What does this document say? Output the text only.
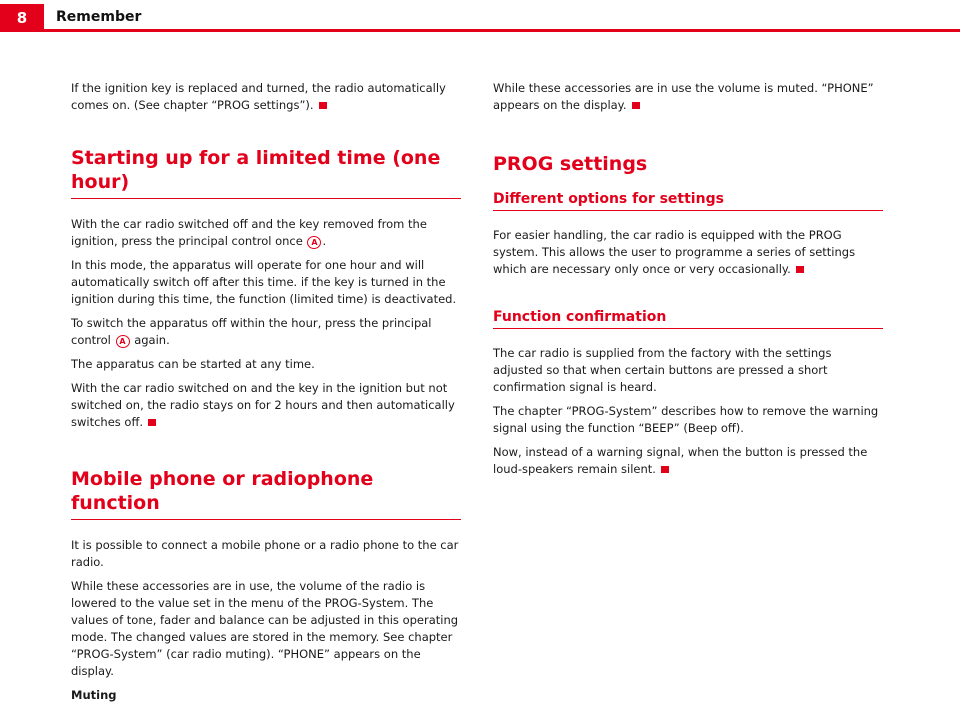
8	Remember

If the ignition key is replaced and turned, the radio automatically comes on. (See chapter “PROG settings”).

Starting up for a limited time (one hour)

With the car radio switched off and the key removed from the ignition, press the principal control once A .

In this mode, the apparatus will operate for one hour and will automatically switch off after this time. if the key is turned in the ignition during this time, the function (limited time) is deactivated.

To switch the apparatus off within the hour, press the principal control A again.

The apparatus can be started at any time.

With the car radio switched on and the key in the ignition but not switched on, the radio stays on for 2 hours and then automatically switches off.

Mobile phone or radiophone function

It is possible to connect a mobile phone or a radio phone to the car radio.

While these accessories are in use, the volume of the radio is lowered to the value set in the menu of the PROG-System. The values of tone, fader and balance can be adjusted in this operating mode. The changed values are stored in the memory. See chapter “PROG-System” (car radio muting). “PHONE” appears on the display.

Muting

While these accessories are in use the volume is muted. “PHONE” appears on the display.

PROG settings
Different options for settings

For easier handling, the car radio is equipped with the PROG system. This allows the user to programme a series of settings which are necessary only once or very occasionally.

Function confirmation

The car radio is supplied from the factory with the settings adjusted so that when certain buttons are pressed a short confirmation signal is heard.

The chapter “PROG-System” describes how to remove the warning signal using the function “BEEP” (Beep off).

Now, instead of a warning signal, when the button is pressed the loud-speakers remain silent.
